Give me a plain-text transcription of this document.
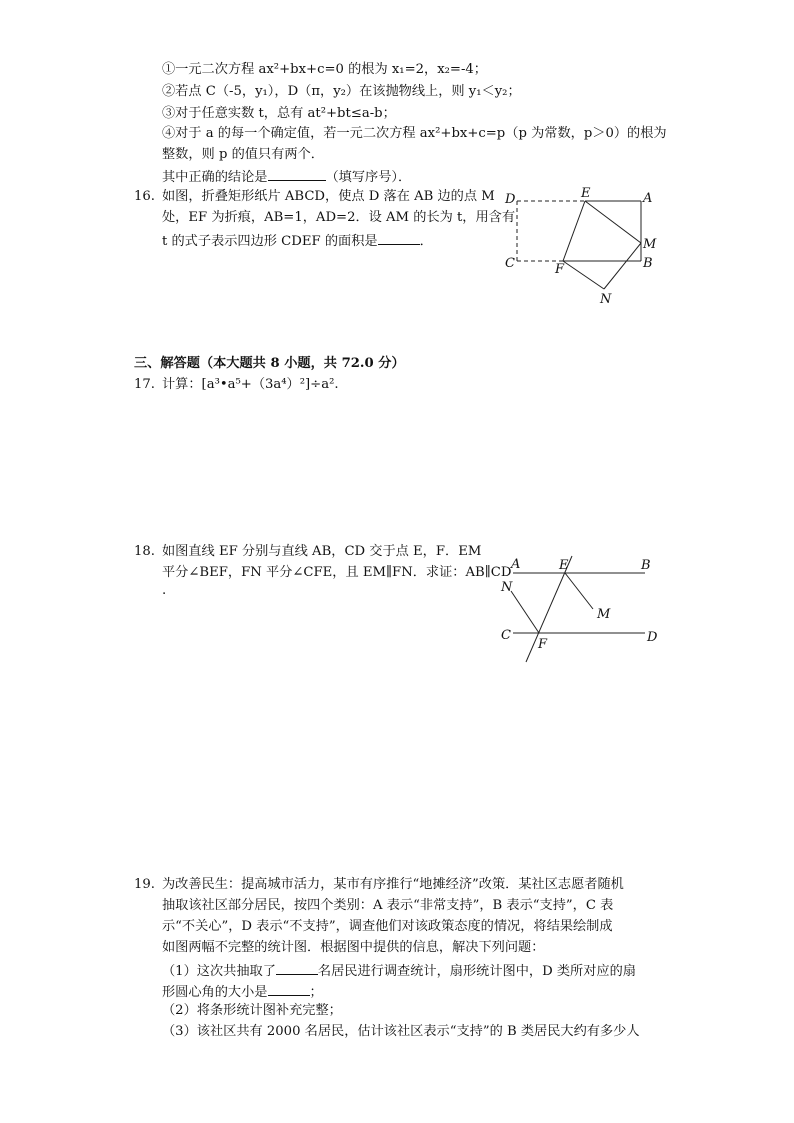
①一元二次方程 ax²+bx+c=0 的根为 x₁=2，x₂=-4；
②若点 C（-5，y₁），D（π，y₂）在该抛物线上，则 y₁＜y₂；
③对于任意实数 t，总有 at²+bt≤a-b；
④对于 a 的每一个确定值，若一元二次方程 ax²+bx+c=p（p 为常数，p＞0）的根为
整数，则 p 的值只有两个．
其中正确的结论是	（填写序号）．
16. 如图，折叠矩形纸片 ABCD，使点 D 落在 AB 边的点 M
处，EF 为折痕，AB=1，AD=2．设 AM 的长为 t，用含有
t 的式子表示四边形 CDEF 的面积是	．
D	E	A
M
B
C	F
N
三、解答题（本大题共 8 小题，共 72.0 分）
17. 计算：[a³•a⁵+（3a⁴）²]÷a².
18. 如图直线 EF 分别与直线 AB，CD 交于点 E，F．EM
平分∠BEF，FN 平分∠CFE，且 EM∥FN．求证：AB∥CD
.
A	E	B
N
M
C
F	D
19. 为改善民生：提高城市活力，某市有序推行“地摊经济”改策．某社区志愿者随机
抽取该社区部分居民，按四个类别：A 表示“非常支持”，B 表示“支持”，C 表
示“不关心”，D 表示“不支持”，调查他们对该政策态度的情况，将结果绘制成
如图两幅不完整的统计图．根据图中提供的信息，解决下列问题：
（1）这次共抽取了	名居民进行调查统计，扇形统计图中，D 类所对应的扇
形圆心角的大小是	；
（2）将条形统计图补充完整；
（3）该社区共有 2000 名居民，估计该社区表示“支持”的 B 类居民大约有多少人
